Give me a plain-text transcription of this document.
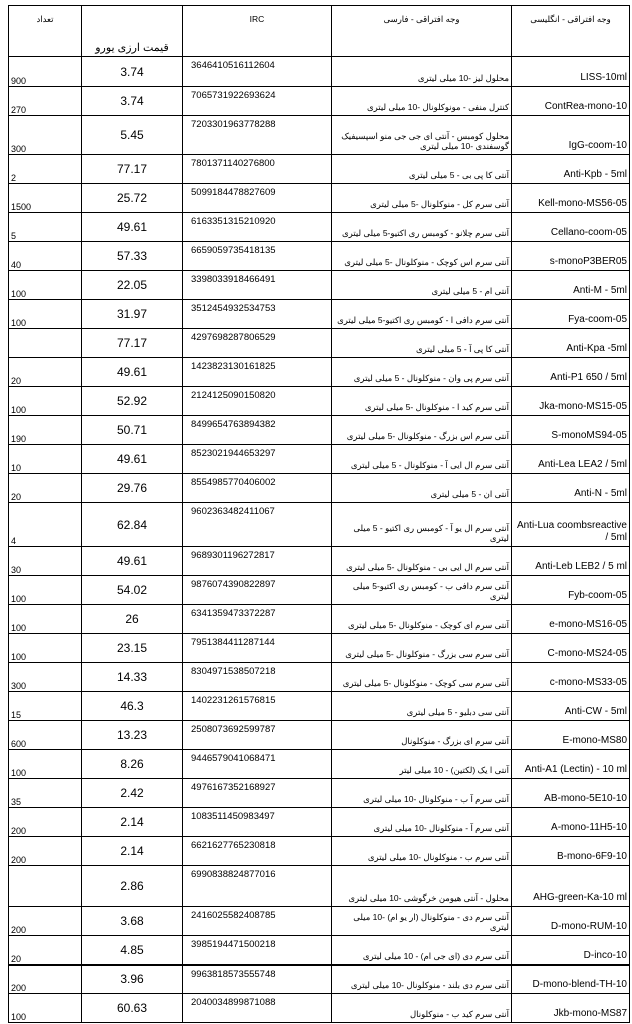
تعداد	قیمت ارزی یورو	IRC	وجه افتراقی - فارسی	وجه افتراقی - انگلیسی
900	3.74	3646410516112604	محلول لیز -10 میلی لیتری	LISS-10ml
270	3.74	7065731922693624	کنترل منفی - مونوکلونال -10 میلی لیتری	ContRea-mono-10
300	5.45	7203301963778288	محلول کومبس - آنتی ای جی جی منو اسپسیفیک گوسفندی -10 میلی لیتری	IgG-coom-10
2	77.17	7801371140276800	آنتی کا پی بی - 5 میلی لیتری	Anti-Kpb - 5ml
1500	25.72	5099184478827609	آنتی سرم کل - منوکلونال -5 میلی لیتری	Kell-mono-MS56-05
5	49.61	6163351315210920	آنتی سرم چلانو - کومبس ری اکتیو-5 میلی لیتری	Cellano-coom-05
40	57.33	6659059735418135	آنتی سرم اس کوچک - منوکلونال -5 میلی لیتری	s-monoP3BER05
100	22.05	3398033918466491	آنتی ام - 5 میلی لیتری	Anti-M - 5ml
100	31.97	3512454932534753	آنتی سرم دافی ا - کومبس ری اکتیو-5 میلی لیتری	Fya-coom-05
	77.17	4297698287806529	آنتی کا پی آ - 5 میلی لیتری	Anti-Kpa -5ml
20	49.61	1423823130161825	آنتی سرم پی وان - منوکلونال - 5 میلی لیتری	Anti-P1 650 / 5ml
100	52.92	2124125090150820	آنتی سرم کید ا - منوکلونال -5 میلی لیتری	Jka-mono-MS15-05
190	50.71	8499654763894382	آنتی سرم اس بزرگ - منوکلونال -5 میلی لیتری	S-monoMS94-05
10	49.61	8523021944653297	آنتی سرم ال ایی آ - منوکلونال - 5 میلی لیتری	Anti-Lea LEA2 / 5ml
20	29.76	8554985770406002	آنتی ان - 5 میلی لیتری	Anti-N - 5ml
4	62.84	9602363482411067	آنتی سرم ال یو آ - کومبس ری اکتیو - 5 میلی لیتری	Anti-Lua coombsreactive / 5ml
30	49.61	9689301196272817	آنتی سرم ال ایی بی - منوکلونال -5 میلی لیتری	Anti-Leb LEB2 / 5 ml
100	54.02	9876074390822897	آنتی سرم دافی ب - کومبس ری اکتیو-5 میلی لیتری	Fyb-coom-05
100	26	6341359473372287	آنتی سرم ای کوچک - منوکلونال -5 میلی لیتری	e-mono-MS16-05
100	23.15	7951384411287144	آنتی سرم سی بزرگ - منوکلونال -5 میلی لیتری	C-mono-MS24-05
300	14.33	8304971538507218	آنتی سرم سی کوچک - منوکلونال -5 میلی لیتری	c-mono-MS33-05
15	46.3	1402231261576815	آنتی سی دبلیو - 5 میلی لیتری	Anti-CW - 5ml
600	13.23	2508073692599787	آنتی سرم ای بزرگ - منوکلونال	E-mono-MS80
100	8.26	9446579041068471	آنتی ا یک (لکتین) - 10 میلی لیتر	Anti-A1 (Lectin) - 10 ml
35	2.42	4976167352168927	آنتی سرم آ ب - منوکلونال -10 میلی لیتری	AB-mono-5E10-10
200	2.14	1083511450983497	آنتی سرم آ - منوکلونال -10 میلی لیتری	A-mono-11H5-10
200	2.14	6621627765230818	آنتی سرم ب - منوکلونال -10 میلی لیتری	B-mono-6F9-10
	2.86	6990838824877016	محلول - آنتی هیومن خرگوشی -10 میلی لیتری	AHG-green-Ka-10 ml
200	3.68	2416025582408785	آنتی سرم دی - منوکلونال (ار یو ام) -10 میلی لیتری	D-mono-RUM-10
20	4.85	3985194471500218	آنتی سرم دی (ای جی ام) - 10 میلی لیتری	D-inco-10
200	3.96	9963818573555748	آنتی سرم دی بلند - منوکلونال -10 میلی لیتری	D-mono-blend-TH-10
100	60.63	2040034899871088	آنتی سرم کید ب - منوکلونال	Jkb-mono-MS87
